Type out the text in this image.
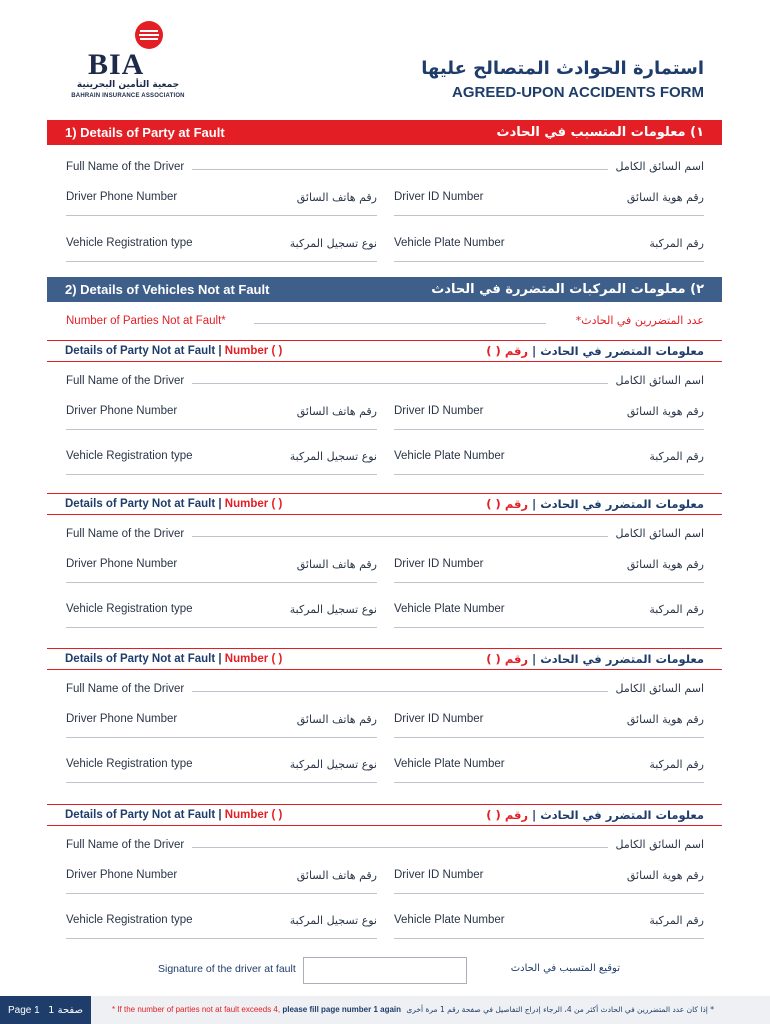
BIA
جمعية التأمين البحرينية
BAHRAIN INSURANCE ASSOCIATION
استمارة الحوادث المتصالح عليها
AGREED-UPON ACCIDENTS FORM
1) Details of Party at Fault	١) معلومات المتسبب في الحادث
Full Name of the Driver	اسم السائق الكامل
Driver Phone Number	رقم هاتف السائق Driver ID Number	رقم هوية السائق
Vehicle Registration type	نوع تسجيل المركبة Vehicle Plate Number	رقم المركبة
2) Details of Vehicles Not at Fault	٢) معلومات المركبات المتضررة في الحادث
Number of Parties Not at Fault*	عدد المتضررين في الحادث*
Details of Party Not at Fault | Number ( )	معلومات المتضرر في الحادث | رقم ( )
Full Name of the Driver	اسم السائق الكامل
Driver Phone Number	رقم هاتف السائق Driver ID Number	رقم هوية السائق
Vehicle Registration type	نوع تسجيل المركبة Vehicle Plate Number	رقم المركبة
Details of Party Not at Fault | Number ( )	معلومات المتضرر في الحادث | رقم ( )
Full Name of the Driver	اسم السائق الكامل
Driver Phone Number	رقم هاتف السائق Driver ID Number	رقم هوية السائق
Vehicle Registration type	نوع تسجيل المركبة Vehicle Plate Number	رقم المركبة
Details of Party Not at Fault | Number ( )	معلومات المتضرر في الحادث | رقم ( )
Full Name of the Driver	اسم السائق الكامل
Driver Phone Number	رقم هاتف السائق Driver ID Number	رقم هوية السائق
Vehicle Registration type	نوع تسجيل المركبة Vehicle Plate Number	رقم المركبة
Details of Party Not at Fault | Number ( )	معلومات المتضرر في الحادث | رقم ( )
Full Name of the Driver	اسم السائق الكامل
Driver Phone Number	رقم هاتف السائق Driver ID Number	رقم هوية السائق
Vehicle Registration type	نوع تسجيل المركبة Vehicle Plate Number	رقم المركبة
Signature of the driver at fault	توقيع المتسبب في الحادث
Page 1
صفحة 1	* If the number of parties not at fault exceeds 4, please fill page number 1 again * إذا كان عدد المتضررين في الحادث أكثر من 4، الرجاء إدراج التفاصيل في صفحة رقم 1 مرة أخرى
